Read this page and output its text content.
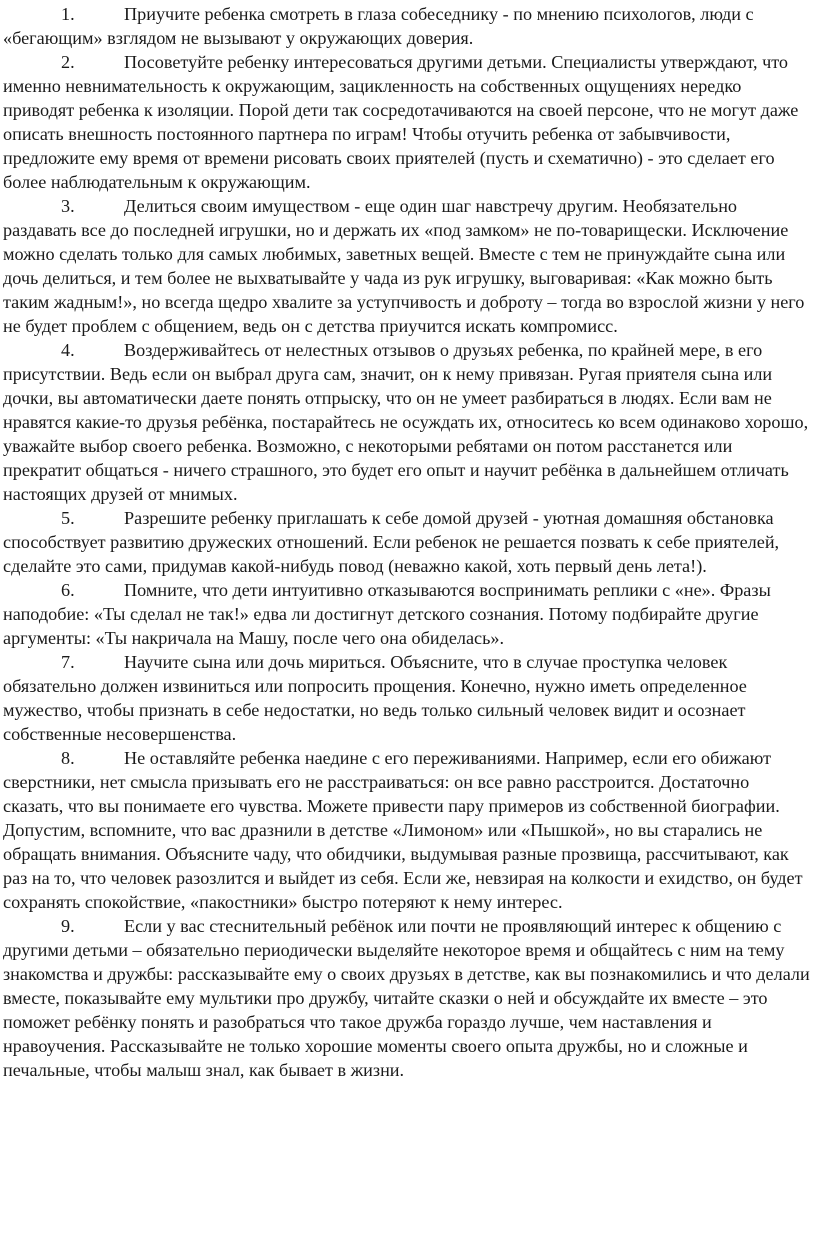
1.	Приучите ребенка смотреть в глаза собеседнику - по мнению психологов, люди с «бегающим» взглядом не вызывают у окружающих доверия.

2.	Посоветуйте ребенку интересоваться другими детьми. Специалисты утверждают, что именно невнимательность к окружающим, зацикленность на собственных ощущениях нередко приводят ребенка к изоляции. Порой дети так сосредотачиваются на своей персоне, что не могут даже описать внешность постоянного партнера по играм! Чтобы отучить ребенка от забывчивости, предложите ему время от времени рисовать своих приятелей (пусть и схематично) - это сделает его более наблюдательным к окружающим.

3.	Делиться своим имуществом - еще один шаг навстречу другим. Необязательно раздавать все до последней игрушки, но и держать их «под замком» не по-товарищески. Исключение можно сделать только для самых любимых, заветных вещей. Вместе с тем не принуждайте сына или дочь делиться, и тем более не выхватывайте у чада из рук игрушку, выговаривая: «Как можно быть таким жадным!», но всегда щедро хвалите за уступчивость и доброту – тогда во взрослой жизни у него не будет проблем с общением, ведь он с детства приучится искать компромисс.

4.	Воздерживайтесь от нелестных отзывов о друзьях ребенка, по крайней мере, в его присутствии. Ведь если он выбрал друга сам, значит, он к нему привязан. Ругая приятеля сына или дочки, вы автоматически даете понять отпрыску, что он не умеет разбираться в людях. Если вам не нравятся какие-то друзья ребёнка, постарайтесь не осуждать их, относитесь ко всем одинаково хорошо, уважайте выбор своего ребенка. Возможно, с некоторыми ребятами он потом расстанется или прекратит общаться - ничего страшного, это будет его опыт и научит ребёнка в дальнейшем отличать настоящих друзей от мнимых.

5.	Разрешите ребенку приглашать к себе домой друзей - уютная домашняя обстановка способствует развитию дружеских отношений. Если ребенок не решается позвать к себе приятелей, сделайте это сами, придумав какой-нибудь повод (неважно какой, хоть первый день лета!).

6.	Помните, что дети интуитивно отказываются воспринимать реплики с «не». Фразы наподобие: «Ты сделал не так!» едва ли достигнут детского сознания. Потому подбирайте другие аргументы: «Ты накричала на Машу, после чего она обиделась».

7.	Научите сына или дочь мириться. Объясните, что в случае проступка человек обязательно должен извиниться или попросить прощения. Конечно, нужно иметь определенное мужество, чтобы признать в себе недостатки, но ведь только сильный человек видит и осознает собственные несовершенства.

8.	Не оставляйте ребенка наедине с его переживаниями. Например, если его обижают сверстники, нет смысла призывать его не расстраиваться: он все равно расстроится. Достаточно сказать, что вы понимаете его чувства. Можете привести пару примеров из собственной биографии. Допустим, вспомните, что вас дразнили в детстве «Лимоном» или «Пышкой», но вы старались не обращать внимания. Объясните чаду, что обидчики, выдумывая разные прозвища, рассчитывают, как раз на то, что человек разозлится и выйдет из себя. Если же, невзирая на колкости и ехидство, он будет сохранять спокойствие, «пакостники» быстро потеряют к нему интерес.

9.	Если у вас стеснительный ребёнок или почти не проявляющий интерес к общению с другими детьми – обязательно периодически выделяйте некоторое время и общайтесь с ним на тему знакомства и дружбы: рассказывайте ему о своих друзьях в детстве, как вы познакомились и что делали вместе, показывайте ему мультики про дружбу, читайте сказки о ней и обсуждайте их вместе – это поможет ребёнку понять и разобраться что такое дружба гораздо лучше, чем наставления и нравоучения. Рассказывайте не только хорошие моменты своего опыта дружбы, но и сложные и печальные, чтобы малыш знал, как бывает в жизни.
